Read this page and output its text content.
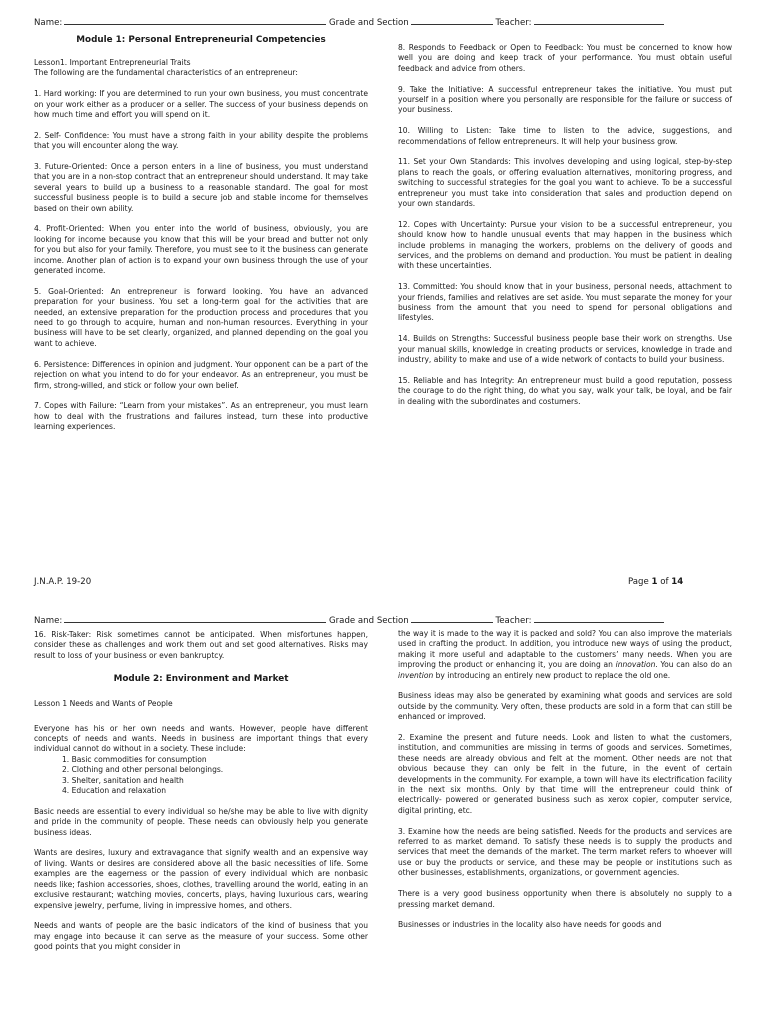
Name:	Grade and Section	Teacher:
Module 1: Personal Entrepreneurial Competencies

Lesson1. Important Entrepreneurial Traits

The following are the fundamental characteristics of an entrepreneur:

1. Hard working: If you are determined to run your own business, you must concentrate on your work either as a producer or a seller. The success of your business depends on how much time and effort you will spend on it.

2. Self- Confidence: You must have a strong faith in your ability despite the problems that you will encounter along the way.

3. Future-Oriented: Once a person enters in a line of business, you must understand that you are in a non-stop contract that an entrepreneur should understand. It may take several years to build up a business to a reasonable standard. The goal for most successful business people is to build a secure job and stable income for themselves based on their own ability.

4. Profit-Oriented: When you enter into the world of business, obviously, you are looking for income because you know that this will be your bread and butter not only for you but also for your family. Therefore, you must see to it the business can generate income. Another plan of action is to expand your own business through the use of your generated income.

5. Goal-Oriented: An entrepreneur is forward looking. You have an advanced preparation for your business. You set a long-term goal for the activities that are needed, an extensive preparation for the production process and procedures that you need to go through to acquire, human and non-human resources. Everything in your business will have to be set clearly, organized, and planned depending on the goal you want to achieve.

6. Persistence: Differences in opinion and judgment. Your opponent can be a part of the rejection on what you intend to do for your endeavor. As an entrepreneur, you must be firm, strong-willed, and stick or follow your own belief.

7. Copes with Failure: “Learn from your mistakes”. As an entrepreneur, you must learn how to deal with the frustrations and failures instead, turn these into productive learning experiences.

8. Responds to Feedback or Open to Feedback: You must be concerned to know how well you are doing and keep track of your performance. You must obtain useful feedback and advice from others.

9. Take the Initiative: A successful entrepreneur takes the initiative. You must put yourself in a position where you personally are responsible for the failure or success of your business.

10. Willing to Listen: Take time to listen to the advice, suggestions, and recommendations of fellow entrepreneurs. It will help your business grow.

11. Set your Own Standards: This involves developing and using logical, step-by-step plans to reach the goals, or offering evaluation alternatives, monitoring progress, and switching to successful strategies for the goal you want to achieve. To be a successful entrepreneur you must take into consideration that sales and production depend on your own standards.

12. Copes with Uncertainty: Pursue your vision to be a successful entrepreneur, you should know how to handle unusual events that may happen in the business which include problems in managing the workers, problems on the delivery of goods and services, and the problems on demand and production. You must be patient in dealing with these uncertainties.

13. Committed: You should know that in your business, personal needs, attachment to your friends, families and relatives are set aside. You must separate the money for your business from the amount that you need to spend for personal obligations and lifestyles.

14. Builds on Strengths: Successful business people base their work on strengths. Use your manual skills, knowledge in creating products or services, knowledge in trade and industry, ability to make and use of a wide network of contacts to build your business.

15. Reliable and has Integrity: An entrepreneur must build a good reputation, possess the courage to do the right thing, do what you say, walk your talk, be loyal, and be fair in dealing with the subordinates and costumers.

J.N.A.P. 19-20	Page 1 of 14
Name:	Grade and Section	Teacher:

16. Risk-Taker: Risk sometimes cannot be anticipated. When misfortunes happen, consider these as challenges and work them out and set good alternatives. Risks may result to loss of your business or even bankruptcy.

Module 2: Environment and Market

Lesson 1 Needs and Wants of People

Everyone has his or her own needs and wants. However, people have different concepts of needs and wants. Needs in business are important things that every individual cannot do without in a society. These include:

1. Basic commodities for consumption
2. Clothing and other personal belongings.
3. Shelter, sanitation and health
4. Education and relaxation

Basic needs are essential to every individual so he/she may be able to live with dignity and pride in the community of people. These needs can obviously help you generate business ideas.

Wants are desires, luxury and extravagance that signify wealth and an expensive way of living. Wants or desires are considered above all the basic necessities of life. Some examples are the eagerness or the passion of every individual which are nonbasic needs like; fashion accessories, shoes, clothes, travelling around the world, eating in an exclusive restaurant; watching movies, concerts, plays, having luxurious cars, wearing expensive jewelry, perfume, living in impressive homes, and others.

Needs and wants of people are the basic indicators of the kind of business that you may engage into because it can serve as the measure of your success. Some other good points that you might consider in

the way it is made to the way it is packed and sold? You can also improve the materials used in crafting the product. In addition, you introduce new ways of using the product, making it more useful and adaptable to the customers’ many needs. When you are improving the product or enhancing it, you are doing an innovation. You can also do an invention by introducing an entirely new product to replace the old one.

Business ideas may also be generated by examining what goods and services are sold outside by the community. Very often, these products are sold in a form that can still be enhanced or improved.

2. Examine the present and future needs. Look and listen to what the customers, institution, and communities are missing in terms of goods and services. Sometimes, these needs are already obvious and felt at the moment. Other needs are not that obvious because they can only be felt in the future, in the event of certain developments in the community. For example, a town will have its electrification facility in the next six months. Only by that time will the entrepreneur could think of electrically- powered or generated business such as xerox copier, computer service, digital printing, etc.

3. Examine how the needs are being satisfied. Needs for the products and services are referred to as market demand. To satisfy these needs is to supply the products and services that meet the demands of the market. The term market refers to whoever will use or buy the products or service, and these may be people or institutions such as other businesses, establishments, organizations, or government agencies.

There is a very good business opportunity when there is absolutely no supply to a pressing market demand.

Businesses or industries in the locality also have needs for goods and
